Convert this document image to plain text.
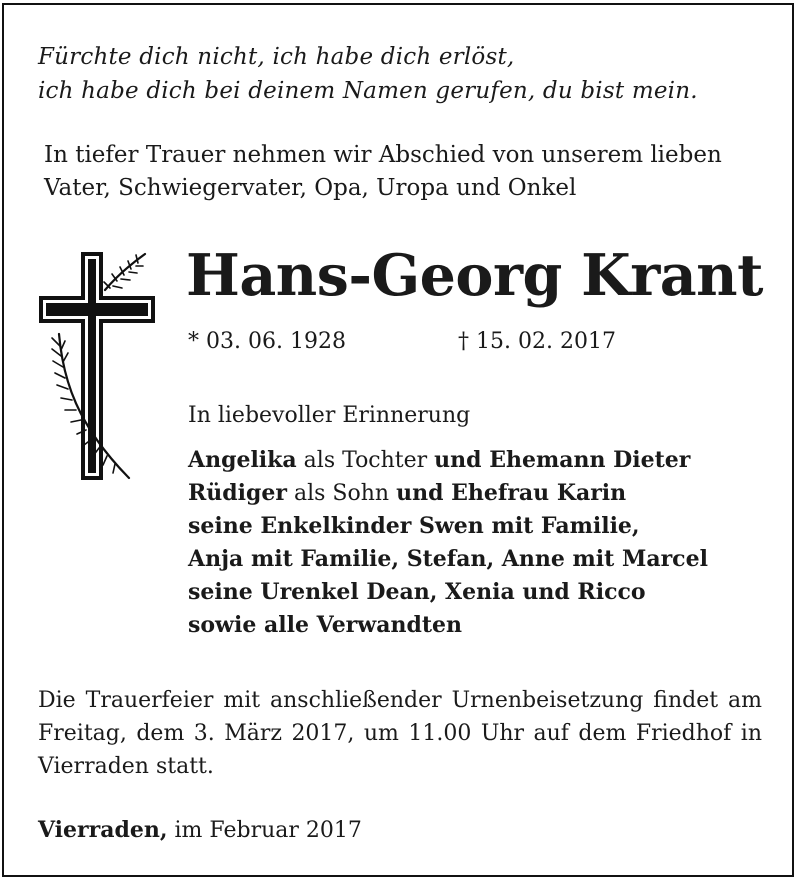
Fürchte dich nicht, ich habe dich erlöst,
ich habe dich bei deinem Namen gerufen, du bist mein.
In tiefer Trauer nehmen wir Abschied von unserem lieben
Vater, Schwiegervater, Opa, Uropa und Onkel
Hans-Georg Krant
* 03. 06. 1928	† 15. 02. 2017
In liebevoller Erinnerung
Angelika als Tochter und Ehemann Dieter
Rüdiger als Sohn und Ehefrau Karin
seine Enkelkinder Swen mit Familie,
Anja mit Familie, Stefan, Anne mit Marcel
seine Urenkel Dean, Xenia und Ricco
sowie alle Verwandten
Die Trauerfeier mit anschließender Urnenbeisetzung findet am Freitag, dem 3. März 2017, um 11.00 Uhr auf dem Friedhof in Vierraden statt.
Vierraden, im Februar 2017
